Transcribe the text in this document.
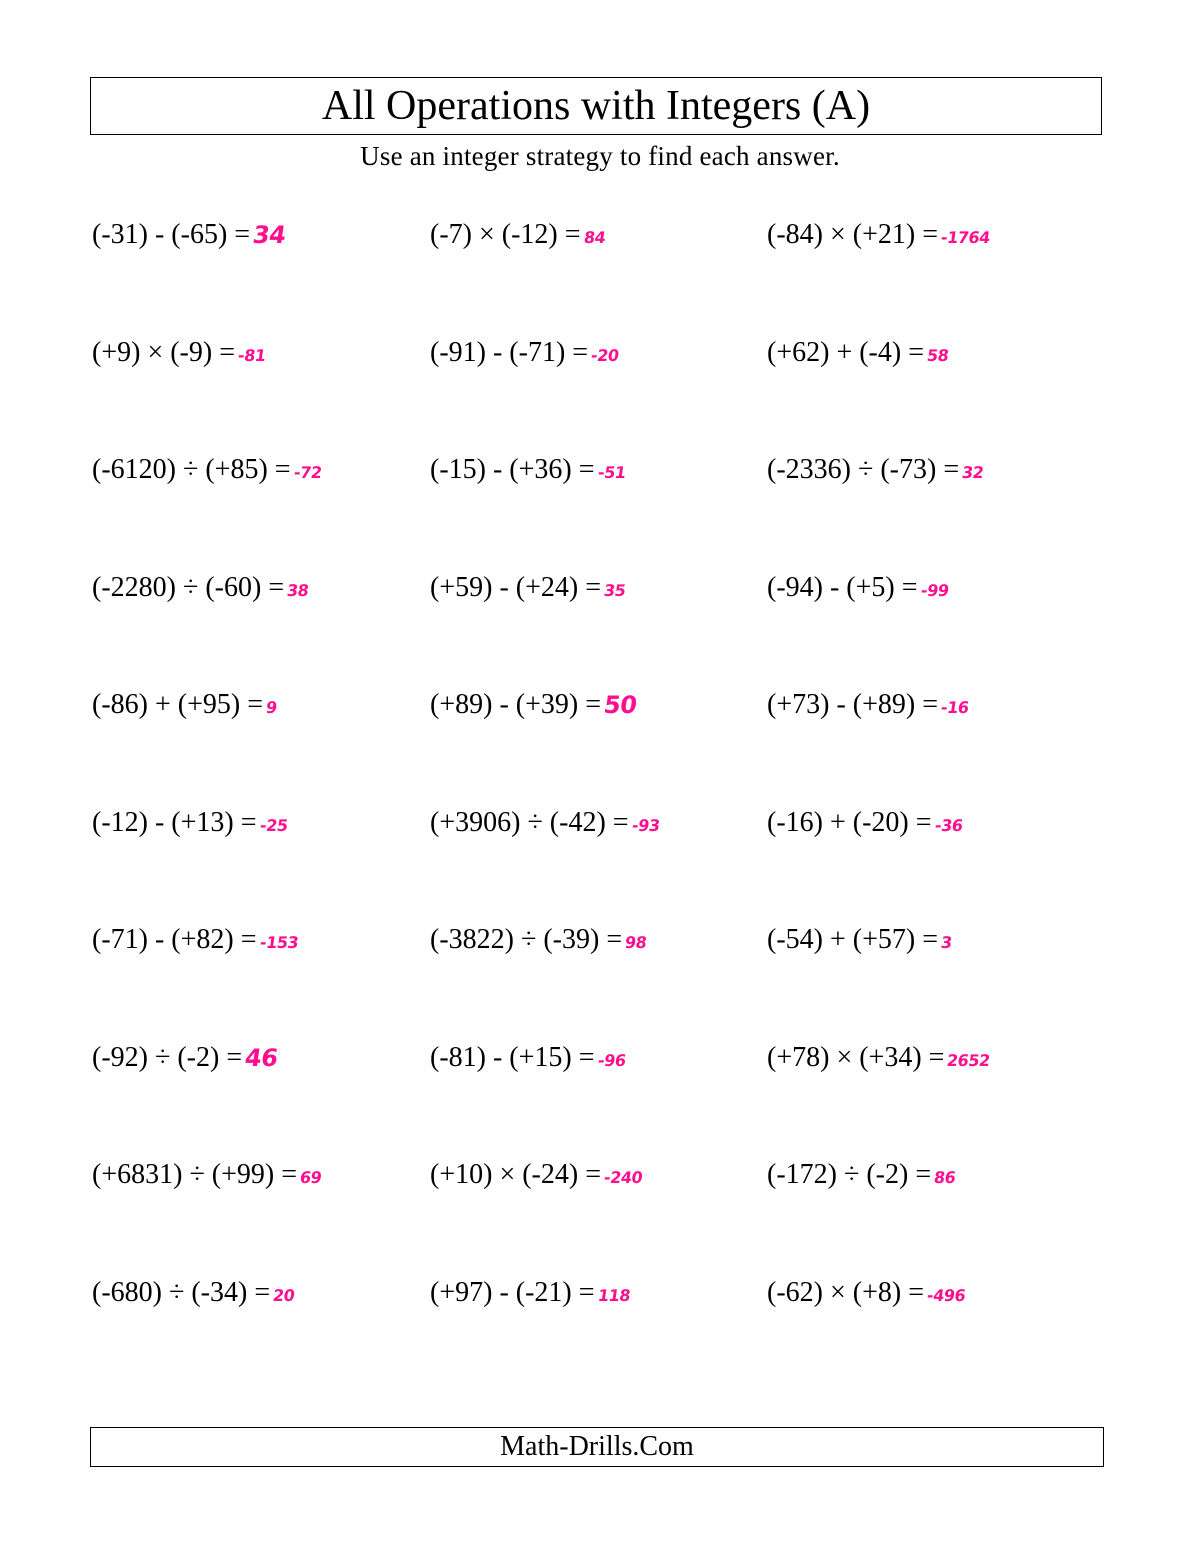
All Operations with Integers (A)
Use an integer strategy to find each answer.
(-31) - (-65) =34	(-7) × (-12) = 84	(-84) × (+21) = -1764
(+9) × (-9) = -81	(-91) - (-71) = -20	(+62) + (-4) = 58
(-6120) ÷ (+85) = -72	(-15) - (+36) = -51	(-2336) ÷ (-73) = 32
(-2280) ÷ (-60) = 38	(+59) - (+24) = 35	(-94) - (+5) = -99
(-86) + (+95) = 9	(+89) - (+39) =50	(+73) - (+89) = -16
(-12) - (+13) = -25	(+3906) ÷ (-42) = -93	(-16) + (-20) = -36
(-71) - (+82) = -153	(-3822) ÷ (-39) = 98	(-54) + (+57) = 3
(-92) ÷ (-2) =46	(-81) - (+15) = -96	(+78) × (+34) = 2652
(+6831) ÷ (+99) = 69	(+10) × (-24) = -240	(-172) ÷ (-2) = 86
(-680) ÷ (-34) = 20	(+97) - (-21) = 118	(-62) × (+8) = -496
Math-Drills.Com
